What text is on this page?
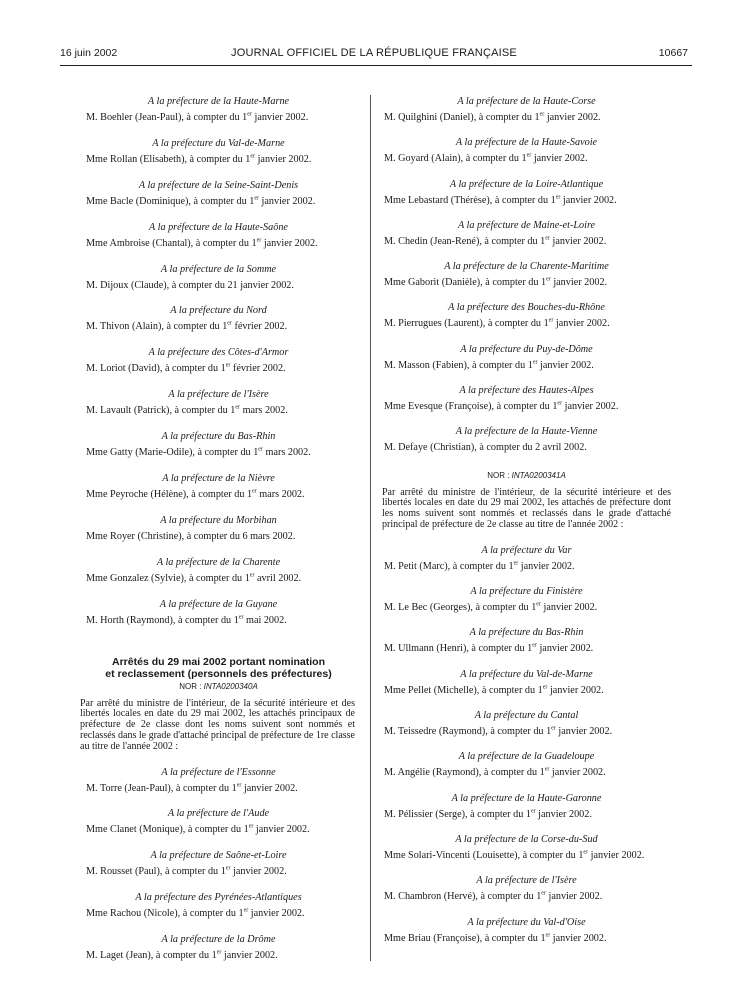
16 juin 2002	JOURNAL OFFICIEL DE LA RÉPUBLIQUE FRANÇAISE	10667

A la préfecture de la Haute-Marne

M. Boehler (Jean-Paul), à compter du 1er janvier 2002.

A la préfecture du Val-de-Marne

Mme Rollan (Elisabeth), à compter du 1er janvier 2002.

A la préfecture de la Seine-Saint-Denis

Mme Bacle (Dominique), à compter du 1er janvier 2002.

A la préfecture de la Haute-Saône

Mme Ambroise (Chantal), à compter du 1er janvier 2002.

A la préfecture de la Somme

M. Dijoux (Claude), à compter du 21 janvier 2002.

A la préfecture du Nord

M. Thivon (Alain), à compter du 1er février 2002.

A la préfecture des Côtes-d'Armor

M. Loriot (David), à compter du 1er février 2002.

A la préfecture de l'Isère

M. Lavault (Patrick), à compter du 1er mars 2002.

A la préfecture du Bas-Rhin

Mme Gatty (Marie-Odile), à compter du 1er mars 2002.

A la préfecture de la Nièvre

Mme Peyroche (Hélène), à compter du 1er mars 2002.

A la préfecture du Morbihan

Mme Royer (Christine), à compter du 6 mars 2002.

A la préfecture de la Charente

Mme Gonzalez (Sylvie), à compter du 1er avril 2002.

A la préfecture de la Guyane

M. Horth (Raymond), à compter du 1er mai 2002.

Arrêtés du 29 mai 2002 portant nomination
et reclassement (personnels des préfectures)
NOR : INTA0200340A

Par arrêté du ministre de l'intérieur, de la sécurité intérieure et des libertés locales en date du 29 mai 2002, les attachés principaux de préfecture de 2e classe dont les noms suivent sont nommés et reclassés dans le grade d'attaché principal de préfecture de 1re classe au titre de l'année 2002 :

A la préfecture de l'Essonne

M. Torre (Jean-Paul), à compter du 1er janvier 2002.

A la préfecture de l'Aude

Mme Clanet (Monique), à compter du 1er janvier 2002.

A la préfecture de Saône-et-Loire

M. Rousset (Paul), à compter du 1er janvier 2002.

A la préfecture des Pyrénées-Atlantiques

Mme Rachou (Nicole), à compter du 1er janvier 2002.

A la préfecture de la Drôme

M. Laget (Jean), à compter du 1er janvier 2002.

A la préfecture de la Haute-Corse

M. Quilghini (Daniel), à compter du 1er janvier 2002.

A la préfecture de la Haute-Savoie

M. Goyard (Alain), à compter du 1er janvier 2002.

A la préfecture de la Loire-Atlantique

Mme Lebastard (Thérèse), à compter du 1er janvier 2002.

A la préfecture de Maine-et-Loire

M. Chedin (Jean-René), à compter du 1er janvier 2002.

A la préfecture de la Charente-Maritime

Mme Gaborit (Danièle), à compter du 1er janvier 2002.

A la préfecture des Bouches-du-Rhône

M. Pierrugues (Laurent), à compter du 1er janvier 2002.

A la préfecture du Puy-de-Dôme

M. Masson (Fabien), à compter du 1er janvier 2002.

A la préfecture des Hautes-Alpes

Mme Evesque (Françoise), à compter du 1er janvier 2002.

A la préfecture de la Haute-Vienne

M. Defaye (Christian), à compter du 2 avril 2002.

NOR : INTA0200341A

Par arrêté du ministre de l'intérieur, de la sécurité intérieure et des libertés locales en date du 29 mai 2002, les attachés de préfecture dont les noms suivent sont nommés et reclassés dans le grade d'attaché principal de préfecture de 2e classe au titre de l'année 2002 :

A la préfecture du Var

M. Petit (Marc), à compter du 1er janvier 2002.

A la préfecture du Finistère

M. Le Bec (Georges), à compter du 1er janvier 2002.

A la préfecture du Bas-Rhin

M. Ullmann (Henri), à compter du 1er janvier 2002.

A la préfecture du Val-de-Marne

Mme Pellet (Michelle), à compter du 1er janvier 2002.

A la préfecture du Cantal

M. Teissedre (Raymond), à compter du 1er janvier 2002.

A la préfecture de la Guadeloupe

M. Angélie (Raymond), à compter du 1er janvier 2002.

A la préfecture de la Haute-Garonne

M. Pélissier (Serge), à compter du 1er janvier 2002.

A la préfecture de la Corse-du-Sud

Mme Solari-Vincenti (Louisette), à compter du 1er janvier 2002.

A la préfecture de l'Isère

M. Chambron (Hervé), à compter du 1er janvier 2002.

A la préfecture du Val-d'Oise

Mme Briau (Françoise), à compter du 1er janvier 2002.
